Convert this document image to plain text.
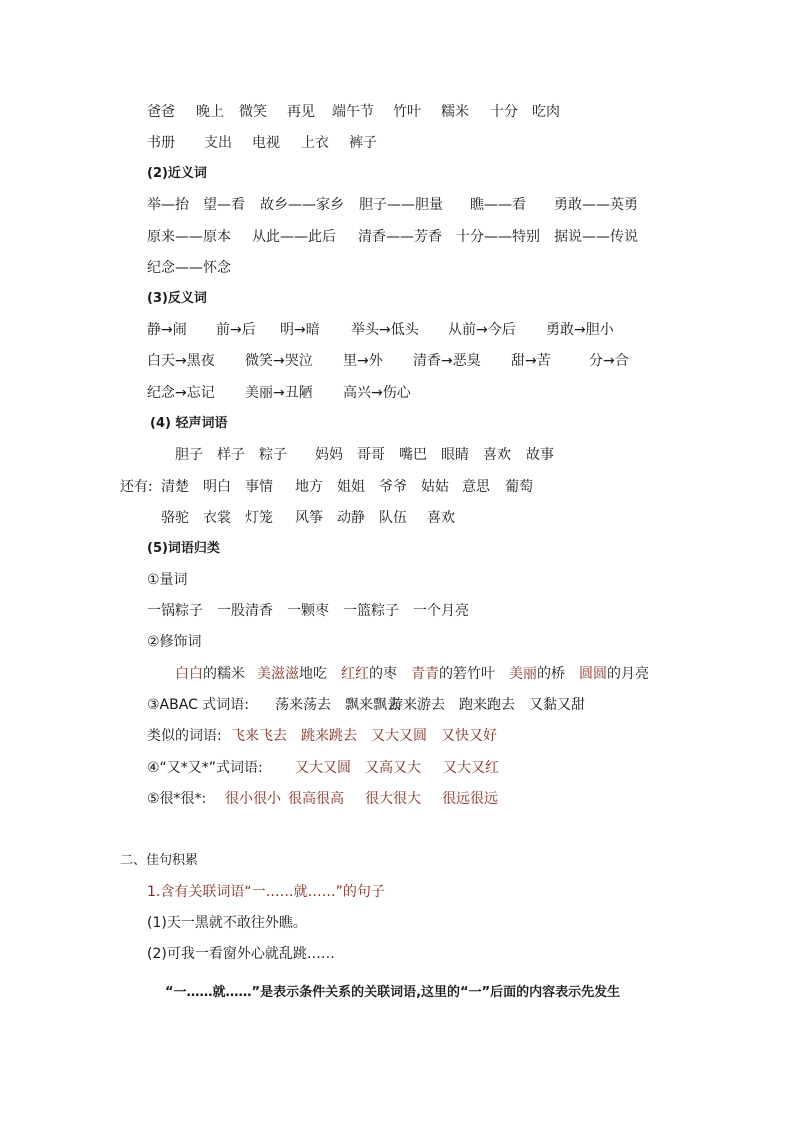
爸爸 晚上 微笑 再见 端午节 竹叶 糯米 十分 吃肉
书册 支出 电视 上衣 裤子
(2)近义词
举—抬 望—看 故乡——家乡 胆子——胆量 瞧——看 勇敢——英勇
原来——原本 从此——此后 清香——芳香 十分——特别 据说——传说
纪念——怀念
(3)反义词
静→闹 前→后 明→暗 举头→低头 从前→今后 勇敢→胆小
白天→黑夜 微笑→哭泣 里→外 清香→恶臭 甜→苦	分→合
纪念→忘记 美丽→丑陋 高兴→伤心
(4) 轻声词语
胆子 样子 粽子 妈妈 哥哥 嘴巴 眼睛 喜欢 故事
还有: 清楚 明白 事情 地方 姐姐 爷爷 姑姑 意思 葡萄
骆驼 衣裳 灯笼 风筝 动静 队伍 喜欢
(5)词语归类
①量词
一锅粽子 一股清香 一颗枣 一篮粽子 一个月亮
②修饰词
白白的糯米 美滋滋地吃 红红的枣 青青的箬竹叶 美丽的桥 圆圆的月亮
③ABAC 式词语: 荡来荡去 飘来飘去
游来游去 跑来跑去 又黏又甜
类似的词语: 飞来飞去 跳来跳去 又大又圆 又快又好
④“又*又*”式词语: 又大又圆 又高又大 又大又红
⑤很*很*: 很小很小 很高很高 很大很大 很远很远
二、佳句积累
1.含有关联词语“一……就……”的句子
(1)天一黑就不敢往外瞧。
(2)可我一看窗外心就乱跳……
“一……就……”是表示条件关系的关联词语,这里的“一”后面的内容表示先发生
